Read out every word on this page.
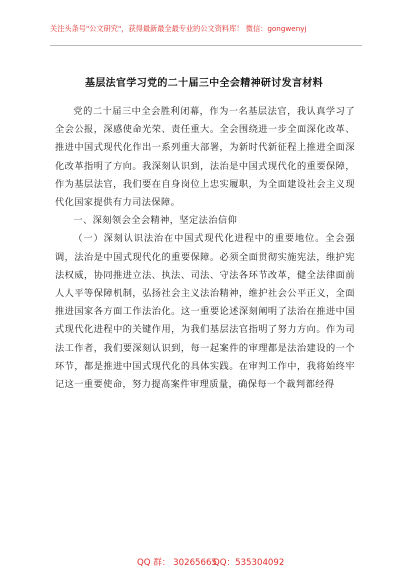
关注头条号"公文研究"，获得最新最全最专业的公文资料库！ 微信：gongwenyj
基层法官学习党的二十届三中全会精神研讨发言材料

党的二十届三中全会胜利闭幕，作为一名基层法官，我认真学习了全会公报，深感使命光荣、责任重大。全会围绕进一步全面深化改革、推进中国式现代化作出一系列重大部署，为新时代新征程上推进全面深化改革指明了方向。我深刻认识到，法治是中国式现代化的重要保障，作为基层法官，我们要在自身岗位上忠实履职，为全面建设社会主义现代化国家提供有力司法保障。

一、深刻领会全会精神，坚定法治信仰

（一）深刻认识法治在中国式现代化进程中的重要地位。全会强调，法治是中国式现代化的重要保障。必须全面贯彻实施宪法，维护宪法权威，协同推进立法、执法、司法、守法各环节改革，健全法律面前人人平等保障机制，弘扬社会主义法治精神，维护社会公平正义，全面推进国家各方面工作法治化。这一重要论述深刻阐明了法治在推进中国式现代化进程中的关键作用，为我们基层法官指明了努力方向。作为司法工作者，我们要深刻认识到，每一起案件的审理都是法治建设的一个环节，都是推进中国式现代化的具体实践。在审判工作中，我将始终牢记这一重要使命，努力提高案件审理质量，确保每一个裁判都经得

QQ 群： 30265665
QQ：535304092
